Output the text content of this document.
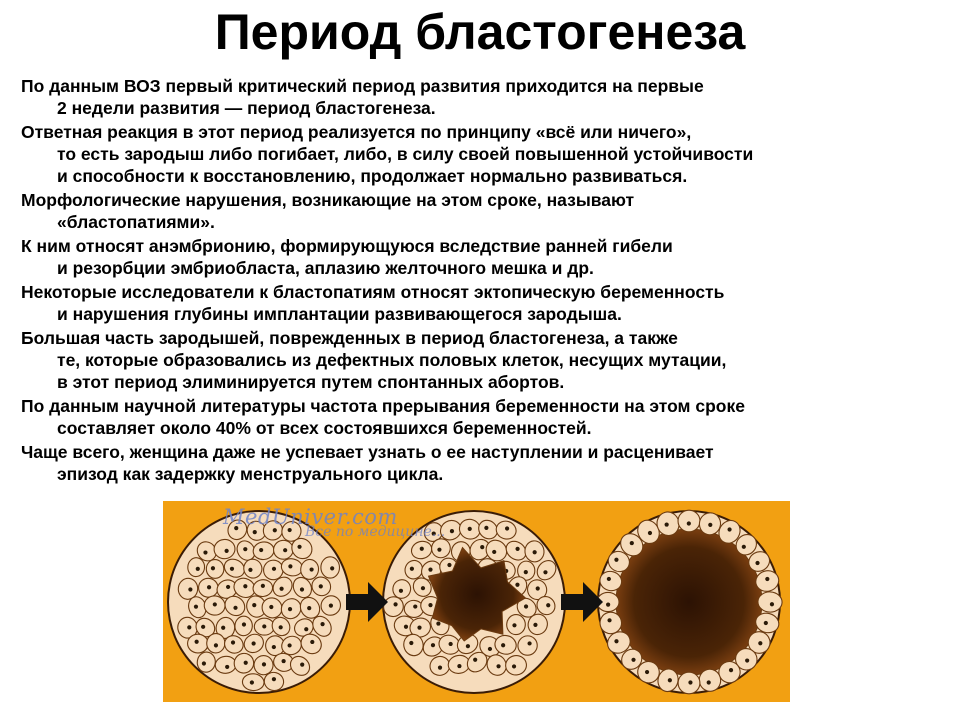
Период бластогенеза
По данным ВОЗ первый критический период развития приходится на первые
2 недели развития — период бластогенеза.
Ответная реакция в этот период реализуется по принципу «всё или ничего»,
то есть зародыш либо погибает, либо, в силу своей повышенной устойчивости
и способности к восстановлению, продолжает нормально развиваться.
Морфологические нарушения, возникающие на этом сроке, называют
«бластопатиями».
К ним относят анэмбрионию, формирующуюся вследствие ранней гибели
и резорбции эмбриобласта, аплазию желточного мешка и др.
Некоторые исследователи к бластопатиям относят эктопическую беременность
и нарушения глубины имплантации развивающегося зародыша.
Большая часть зародышей, поврежденных в период бластогенеза, а также
те, которые образовались из дефектных половых клеток, несущих мутации,
в этот период элиминируется путем спонтанных абортов.
По данным научной литературы частота прерывания беременности на этом сроке
составляет около 40% от всех состоявшихся беременностей.
Чаще всего, женщина даже не успевает узнать о ее наступлении и расценивает
эпизод как задержку менструального цикла.
MedUniver.com
Все по медицине...
